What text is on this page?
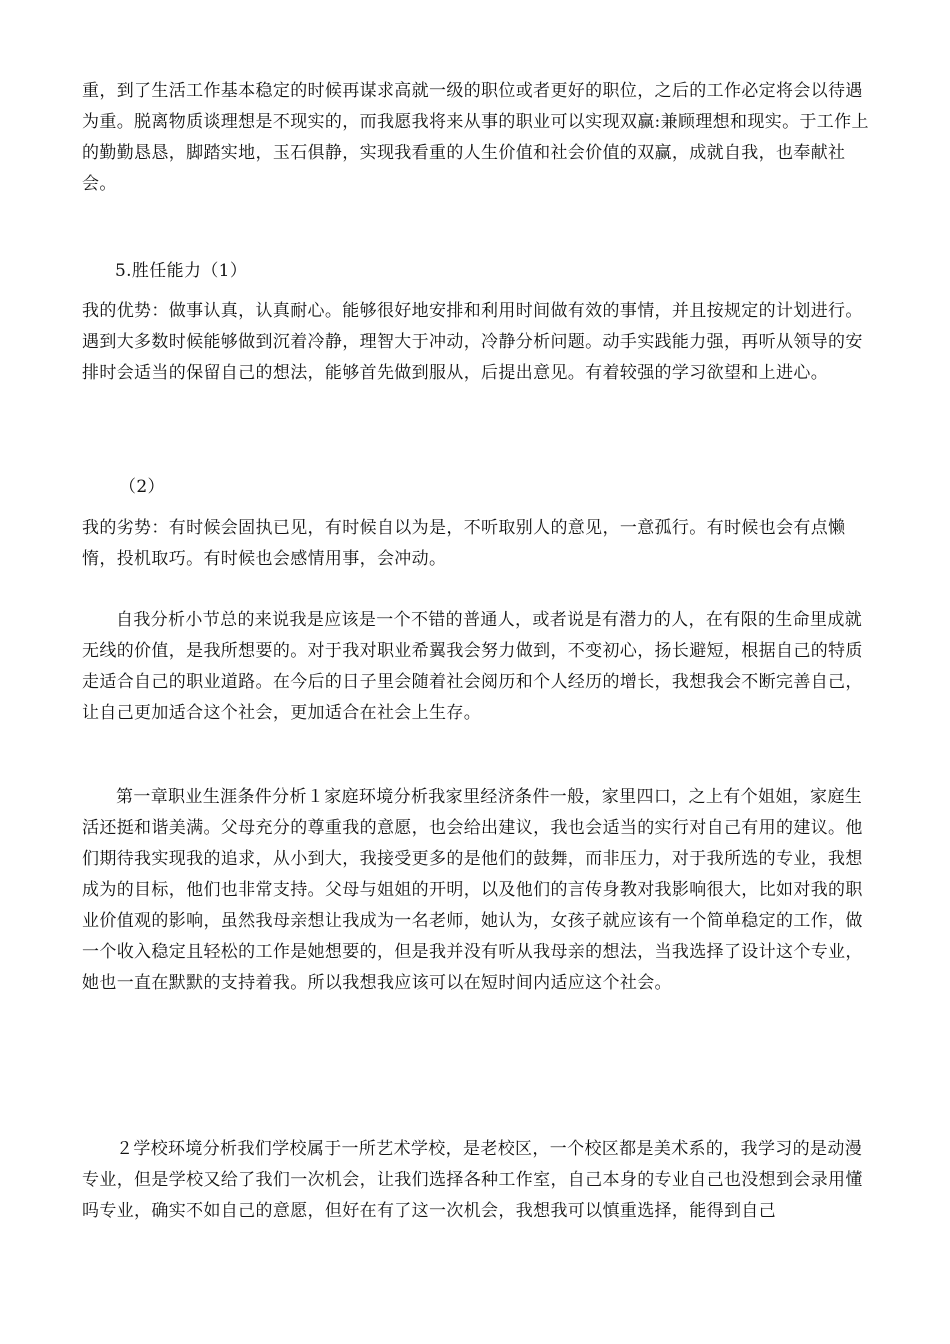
重，到了生活工作基本稳定的时候再谋求高就一级的职位或者更好的职位，之后的工作必定将会以待遇为重。脱离物质谈理想是不现实的，而我愿我将来从事的职业可以实现双赢:兼顾理想和现实。于工作上的勤勤恳恳，脚踏实地，玉石俱静，实现我看重的人生价值和社会价值的双赢，成就自我，也奉献社会。

5.胜任能力（1）

我的优势：做事认真，认真耐心。能够很好地安排和利用时间做有效的事情，并且按规定的计划进行。遇到大多数时候能够做到沉着冷静，理智大于冲动，冷静分析问题。动手实践能力强，再听从领导的安排时会适当的保留自己的想法，能够首先做到服从，后提出意见。有着较强的学习欲望和上进心。

（2）

我的劣势：有时候会固执已见，有时候自以为是，不听取别人的意见，一意孤行。有时候也会有点懒惰，投机取巧。有时候也会感情用事，会冲动。

自我分析小节总的来说我是应该是一个不错的普通人，或者说是有潜力的人，在有限的生命里成就无线的价值，是我所想要的。对于我对职业希翼我会努力做到，不变初心，扬长避短，根据自己的特质走适合自己的职业道路。在今后的日子里会随着社会阅历和个人经历的增长，我想我会不断完善自己，让自己更加适合这个社会，更加适合在社会上生存。

第一章职业生涯条件分析１家庭环境分析我家里经济条件一般，家里四口，之上有个姐姐，家庭生活还挺和谐美满。父母充分的尊重我的意愿，也会给出建议，我也会适当的实行对自己有用的建议。他们期待我实现我的追求，从小到大，我接受更多的是他们的鼓舞，而非压力，对于我所选的专业，我想成为的目标，他们也非常支持。父母与姐姐的开明，以及他们的言传身教对我影响很大，比如对我的职业价值观的影响，虽然我母亲想让我成为一名老师，她认为，女孩子就应该有一个简单稳定的工作，做一个收入稳定且轻松的工作是她想要的，但是我并没有听从我母亲的想法，当我选择了设计这个专业，她也一直在默默的支持着我。所以我想我应该可以在短时间内适应这个社会。

２学校环境分析我们学校属于一所艺术学校，是老校区，一个校区都是美术系的，我学习的是动漫专业，但是学校又给了我们一次机会，让我们选择各种工作室，自己本身的专业自己也没想到会录用懂吗专业，确实不如自己的意愿，但好在有了这一次机会，我想我可以慎重选择，能得到自己
